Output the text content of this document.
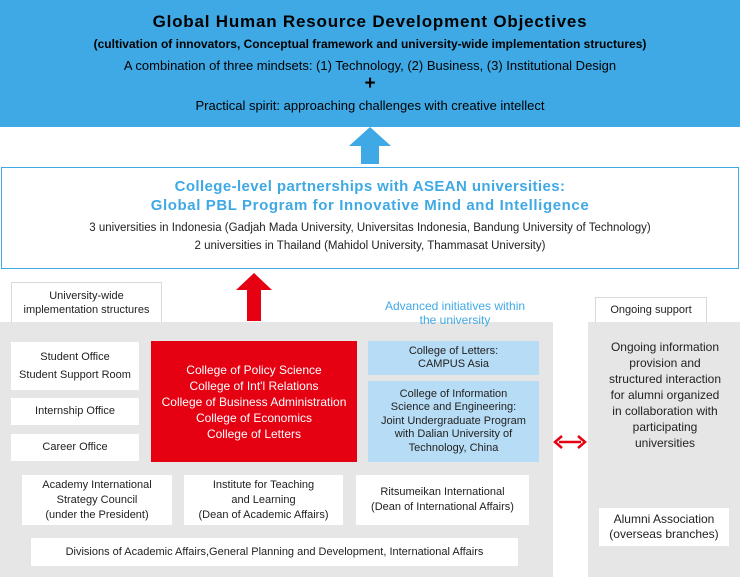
Global Human Resource Development Objectives
(cultivation of innovators, Conceptual framework and university-wide implementation structures)
A combination of three mindsets: (1) Technology, (2) Business, (3) Institutional Design
+
Practical spirit: approaching challenges with creative intellect
College-level partnerships with ASEAN universities:
Global PBL Program for Innovative Mind and Intelligence
3 universities in Indonesia (Gadjah Mada University, Universitas Indonesia, Bandung University of Technology)
2 universities in Thailand (Mahidol University, Thammasat University)
University-wide
implementation structures	Ongoing support
Advanced initiatives within
the university
Student Office
Student Support Room
Internship Office
Career Office
College of Policy Science
College of Int'l Relations
College of Business Administration
College of Economics
College of Letters
College of Letters:
CAMPUS Asia
College of Information
Science and Engineering:
Joint Undergraduate Program
with Dalian University of
Technology, China
Academy International
Strategy Council
(under the President)
Institute for Teaching
and Learning
(Dean of Academic Affairs)
Ritsumeikan International
(Dean of International Affairs)
Divisions of Academic Affairs,General Planning and Development, International Affairs
Ongoing information
provision and
structured interaction
for alumni organized
in collaboration with
participating
universities
Alumni Association
(overseas branches)
